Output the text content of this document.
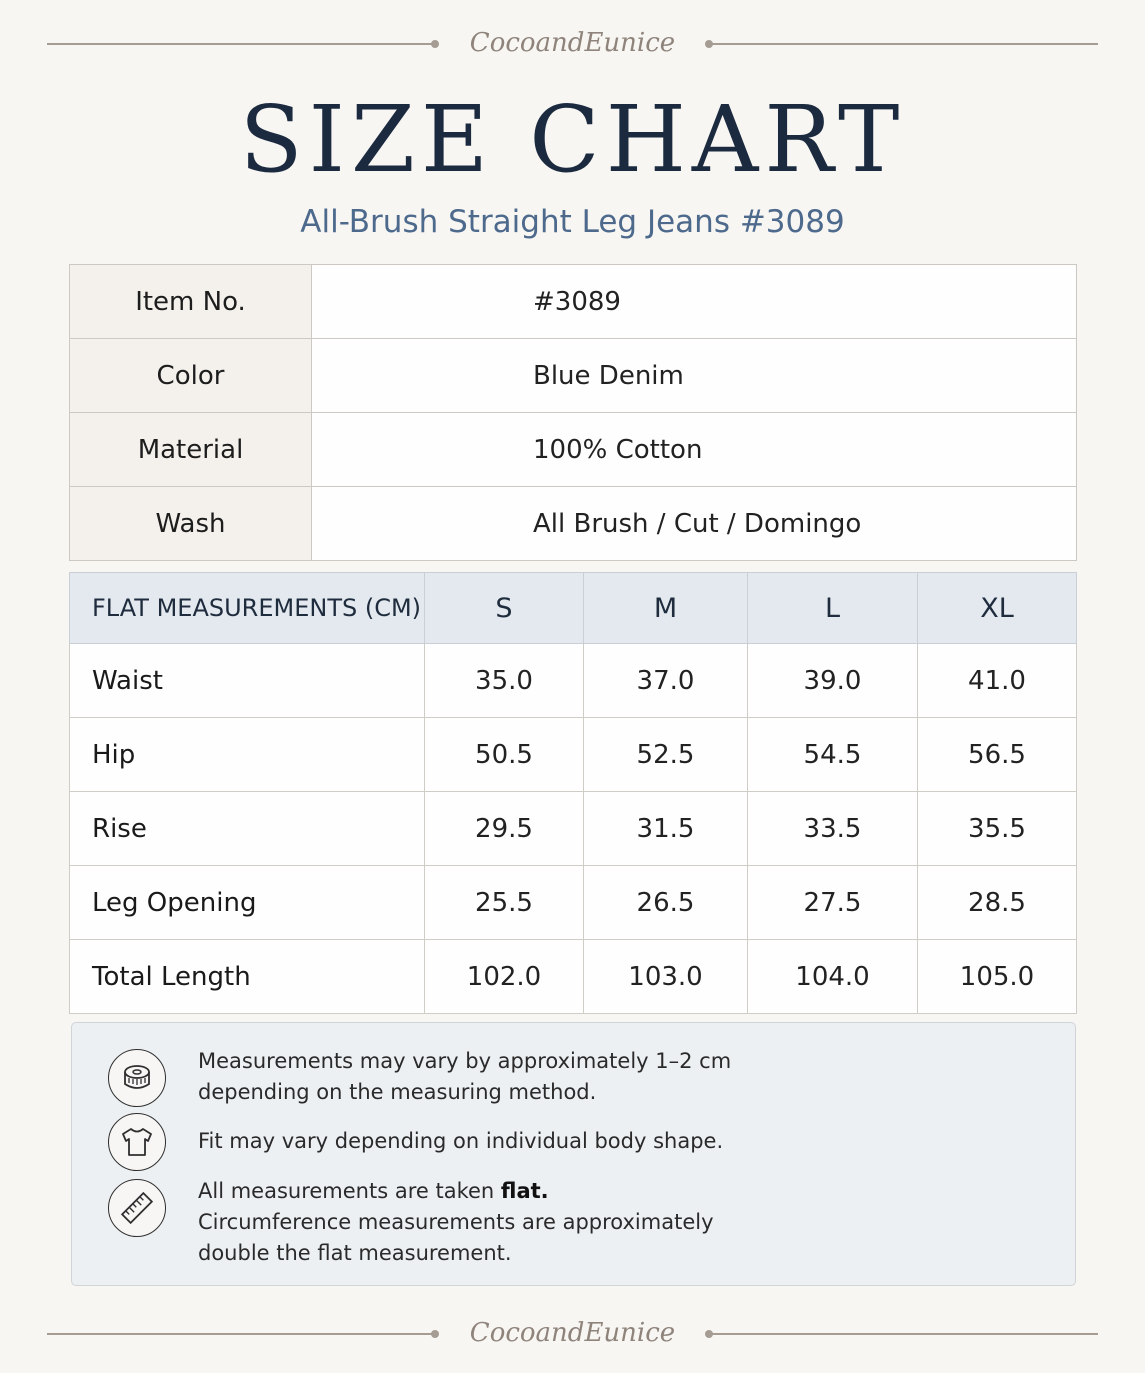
CocoandEunice
SIZE CHART
All-Brush Straight Leg Jeans #3089
Item No.	#3089
Color	Blue Denim
Material	100% Cotton
Wash	All Brush / Cut / Domingo
FLAT MEASUREMENTS (CM)	S	M	L	XL
Waist	35.0	37.0	39.0	41.0
Hip	50.5	52.5	54.5	56.5
Rise	29.5	31.5	33.5	35.5
Leg Opening	25.5	26.5	27.5	28.5
Total Length	102.0	103.0	104.0	105.0
Measurements may vary by approximately 1–2 cm
depending on the measuring method.
Fit may vary depending on individual body shape.
All measurements are taken flat.
Circumference measurements are approximately
double the flat measurement.
CocoandEunice
